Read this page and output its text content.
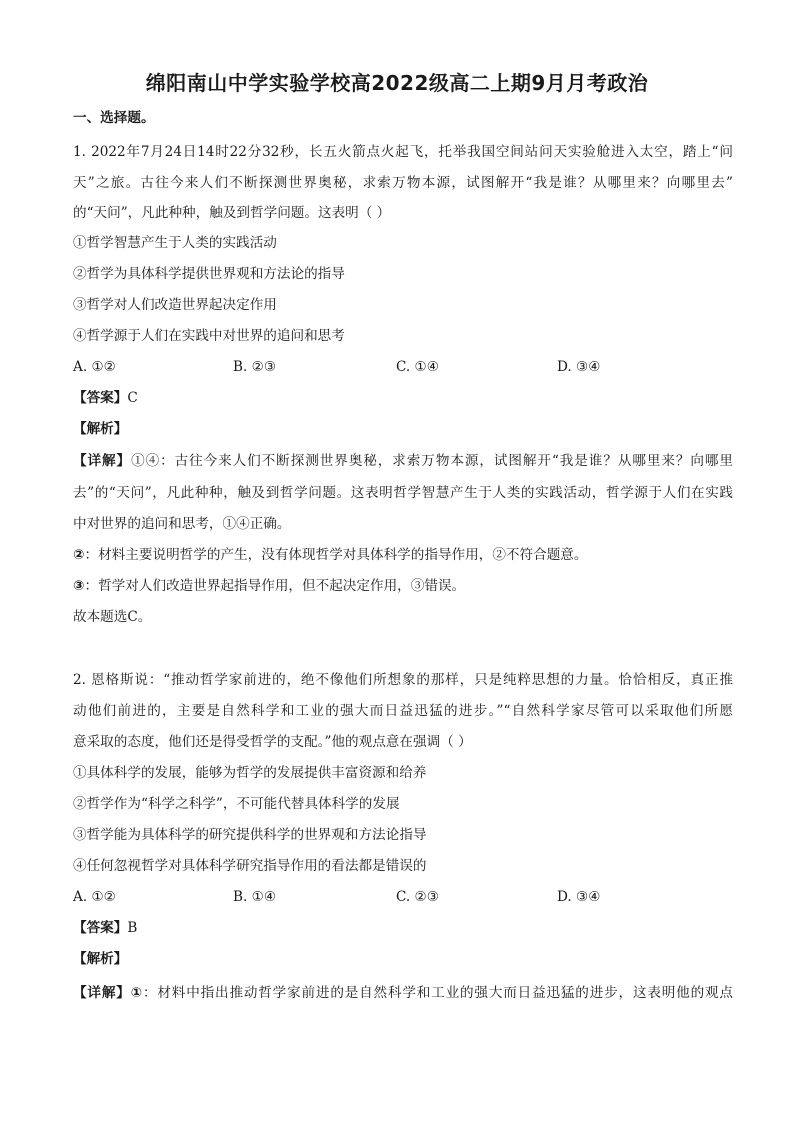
绵阳南山中学实验学校高2022级高二上期9月月考政治
一、选择题。
1. 2022年7月24日14时22分32秒，长五火箭点火起飞，托举我国空间站问天实验舱进入太空，踏上“问
天”之旅。古往今来人们不断探测世界奥秘，求索万物本源，试图解开“我是谁？从哪里来？向哪里去”
的“天问”，凡此种种，触及到哲学问题。这表明（ ）
①哲学智慧产生于人类的实践活动
②哲学为具体科学提供世界观和方法论的指导
③哲学对人们改造世界起决定作用
④哲学源于人们在实践中对世界的追问和思考
A. ①②	B. ②③	C. ①④	D. ③④
【答案】C
【解析】
【详解】①④：古往今来人们不断探测世界奥秘，求索万物本源，试图解开“我是谁？从哪里来？向哪里
去”的“天问”，凡此种种，触及到哲学问题。这表明哲学智慧产生于人类的实践活动，哲学源于人们在实践
中对世界的追问和思考，①④正确。
②：材料主要说明哲学的产生，没有体现哲学对具体科学的指导作用，②不符合题意。
③：哲学对人们改造世界起指导作用，但不起决定作用，③错误。
故本题选C。
2. 恩格斯说：“推动哲学家前进的，绝不像他们所想象的那样，只是纯粹思想的力量。恰恰相反，真正推
动他们前进的，主要是自然科学和工业的强大而日益迅猛的进步。”“自然科学家尽管可以采取他们所愿
意采取的态度，他们还是得受哲学的支配。”他的观点意在强调（ ）
①具体科学的发展，能够为哲学的发展提供丰富资源和给养
②哲学作为“科学之科学”，不可能代替具体科学的发展
③哲学能为具体科学的研究提供科学的世界观和方法论指导
④任何忽视哲学对具体科学研究指导作用的看法都是错误的
A. ①②	B. ①④	C. ②③	D. ③④
【答案】B
【解析】
【详解】①：材料中指出推动哲学家前进的是自然科学和工业的强大而日益迅猛的进步，这表明他的观点
